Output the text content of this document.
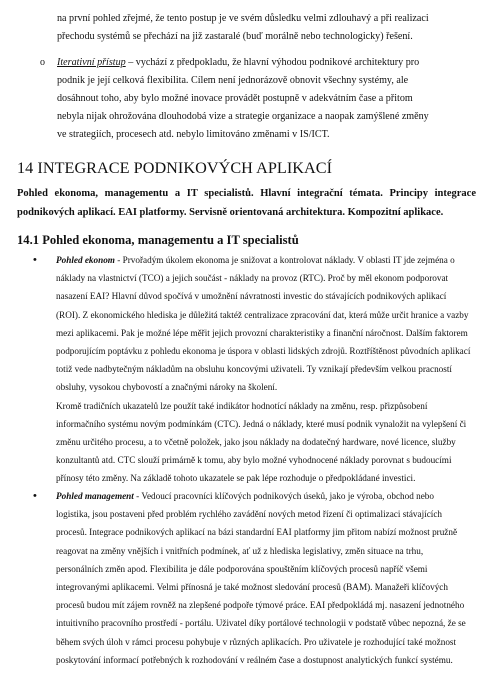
na první pohled zřejmé, že tento postup je ve svém důsledku velmi zdlouhavý a při realizaci
přechodu systémů se přechází na již zastaralé (buď morálně nebo technologicky) řešení.
o Iterativní přístup – vychází z předpokladu, že hlavní výhodou podnikové architektury pro
podnik je její celková flexibilita. Cílem není jednorázově obnovit všechny systémy, ale
dosáhnout toho, aby bylo možné inovace provádět postupně v adekvátním čase a přitom
nebyla nijak ohrožována dlouhodobá vize a strategie organizace a naopak zamýšlené změny
ve strategiích, procesech atd. nebylo limitováno změnami v IS/ICT.
14 INTEGRACE PODNIKOVÝCH APLIKACÍ

Pohled ekonoma, managementu a IT specialistů. Hlavní integrační témata. Principy integrace podnikových aplikací. EAI platformy. Servisně orientovaná architektura. Kompozitní aplikace.

14.1 Pohled ekonoma, managementu a IT specialistů
• Pohled ekonom - Prvořadým úkolem ekonoma je snižovat a kontrolovat náklady. V oblasti IT jde zejména o
náklady na vlastnictví (TCO) a jejich součást - náklady na provoz (RTC). Proč by měl ekonom podporovat
nasazení EAI? Hlavní důvod spočívá v umožnění návratnosti investic do stávajících podnikových aplikací
(ROI). Z ekonomického hlediska je důležitá taktéž centralizace zpracování dat, která může určit hranice a vazby
mezi aplikacemi. Pak je možné lépe měřit jejich provozní charakteristiky a finanční náročnost. Dalším faktorem
podporujícím poptávku z pohledu ekonoma je úspora v oblasti lidských zdrojů. Roztříštěnost původních aplikací
totiž vede nadbytečným nákladům na obsluhu koncovými uživateli. Ty vznikají především velkou pracností
obsluhy, vysokou chybovostí a značnými nároky na školení.
Kromě tradičních ukazatelů lze použít také indikátor hodnotící náklady na změnu, resp. přizpůsobení
informačního systému novým podmínkám (CTC). Jedná o náklady, které musí podnik vynaložit na vylepšení či
změnu určitého procesu, a to včetně položek, jako jsou náklady na dodatečný hardware, nové licence, služby
konzultantů atd. CTC slouží primárně k tomu, aby bylo možné vyhodnocené náklady porovnat s budoucími
přínosy této změny. Na základě tohoto ukazatele se pak lépe rozhoduje o předpokládané investici.
• Pohled management - Vedoucí pracovníci klíčových podnikových úseků, jako je výroba, obchod nebo
logistika, jsou postaveni před problém rychlého zavádění nových metod řízení či optimalizaci stávajících
procesů. Integrace podnikových aplikací na bázi standardní EAI platformy jim přitom nabízí možnost pružně
reagovat na změny vnějších i vnitřních podmínek, ať už z hlediska legislativy, změn situace na trhu,
personálních změn apod. Flexibilita je dále podporována spouštěním klíčových procesů napříč všemi
integrovanými aplikacemi. Velmi přínosná je také možnost sledování procesů (BAM). Manažeři klíčových
procesů budou mít zájem rovněž na zlepšené podpoře týmové práce. EAI předpokládá mj. nasazení jednotného
intuitivního pracovního prostředí - portálu. Uživatel díky portálové technologii v podstatě vůbec nepozná, že se
během svých úloh v rámci procesu pohybuje v různých aplikacích. Pro uživatele je rozhodující také možnost
poskytování informací potřebných k rozhodování v reálném čase a dostupnost analytických funkcí systému.
